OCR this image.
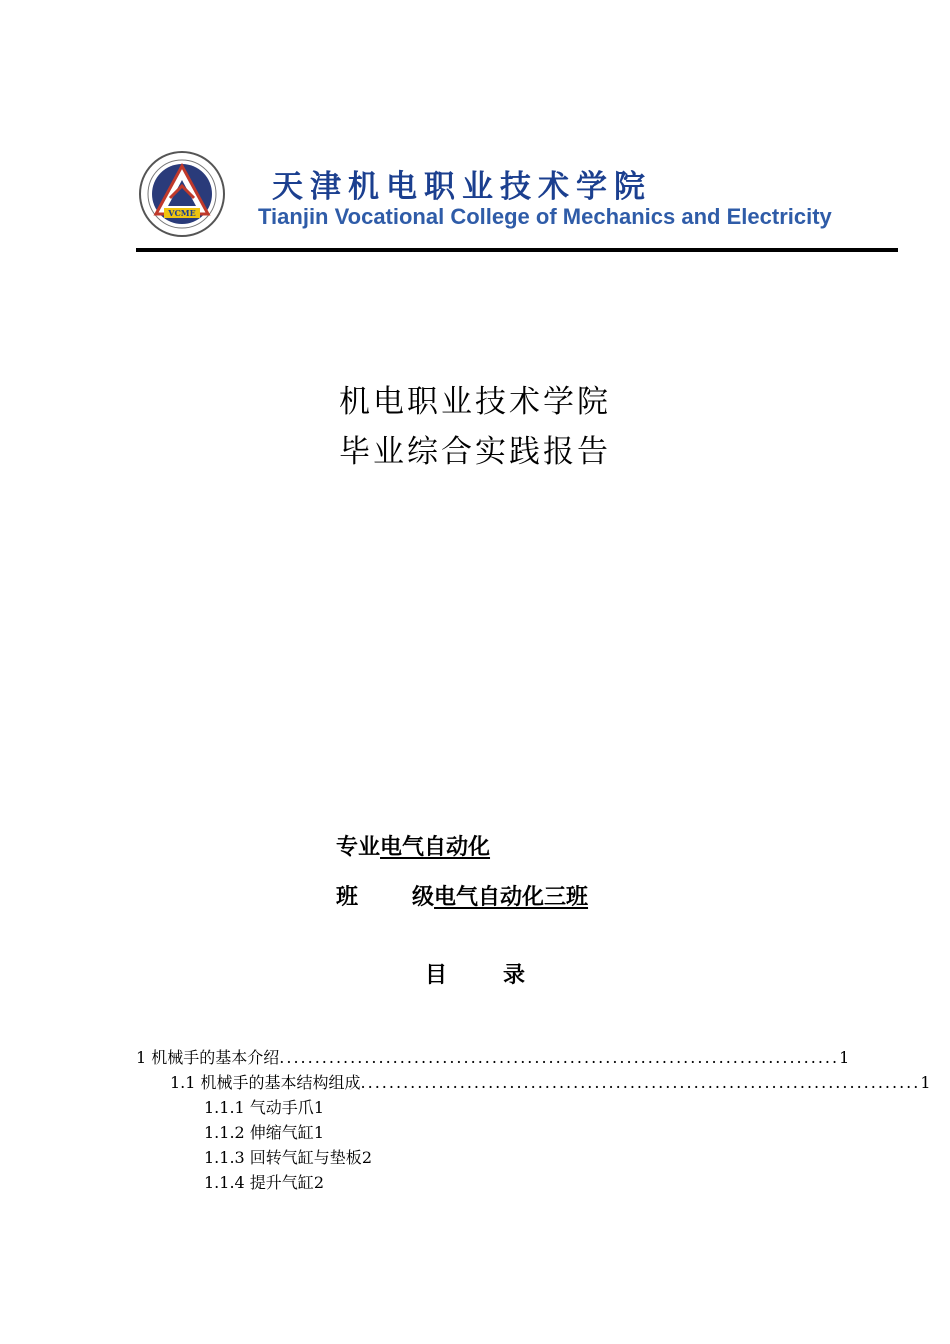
VCME
天津机电职业技术学院
Tianjin Vocational College of Mechanics and Electricity
机电职业技术学院
毕业综合实践报告
专业电气自动化
班 级电气自动化三班
目	录
1 机械手的基本介绍 ............................................................................... 1
1.1 机械手的基本结构组成 ............................................................................... 1
1.1.1 气动手爪 1
1.1.2 伸缩气缸 1
1.1.3 回转气缸与垫板 2
1.1.4 提升气缸 2
